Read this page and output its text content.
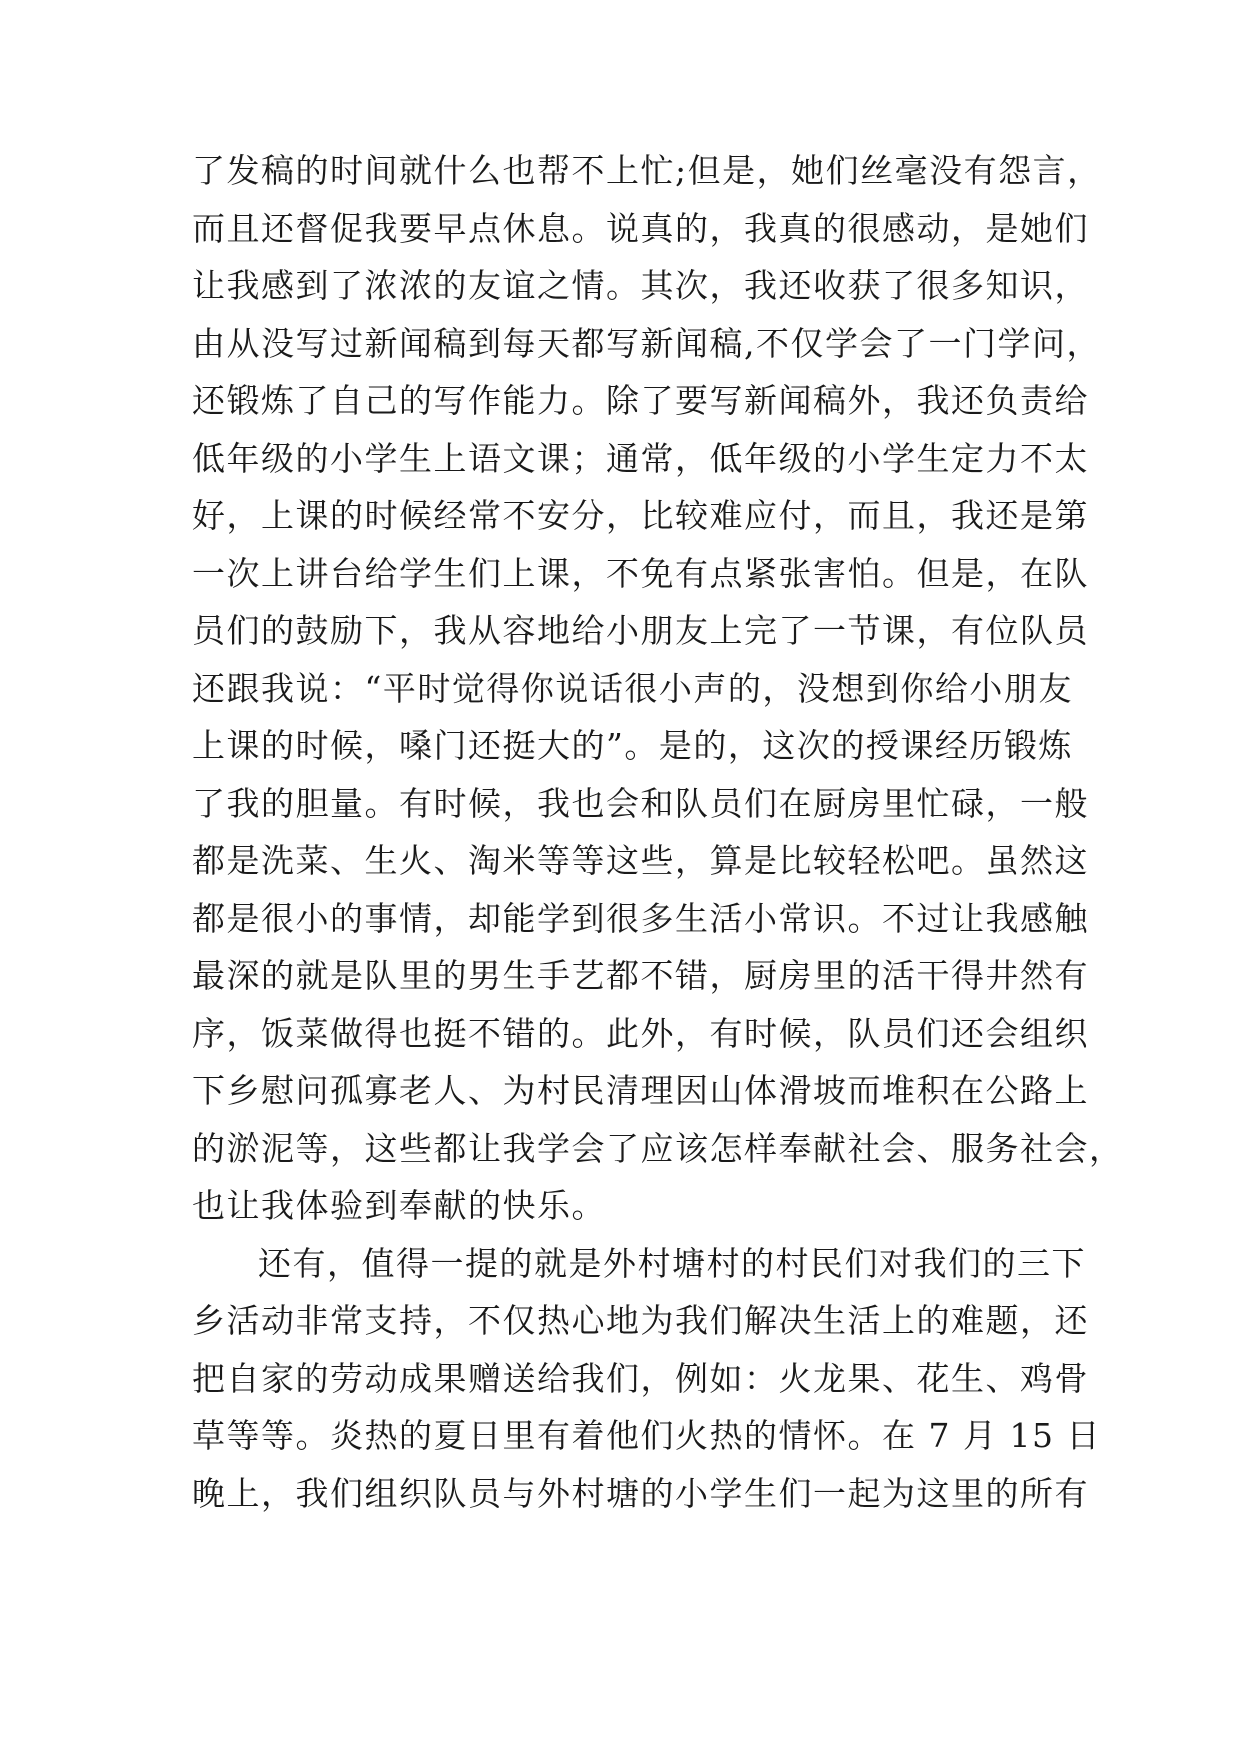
了发稿的时间就什么也帮不上忙;但是，她们丝毫没有怨言，
而且还督促我要早点休息。说真的，我真的很感动，是她们
让我感到了浓浓的友谊之情。其次，我还收获了很多知识，
由从没写过新闻稿到每天都写新闻稿,不仅学会了一门学问，
还锻炼了自己的写作能力。除了要写新闻稿外，我还负责给
低年级的小学生上语文课；通常，低年级的小学生定力不太
好，上课的时候经常不安分，比较难应付，而且，我还是第
一次上讲台给学生们上课，不免有点紧张害怕。但是，在队
员们的鼓励下，我从容地给小朋友上完了一节课，有位队员
还跟我说：“平时觉得你说话很小声的，没想到你给小朋友
上课的时候，嗓门还挺大的”。是的，这次的授课经历锻炼
了我的胆量。有时候，我也会和队员们在厨房里忙碌，一般
都是洗菜、生火、淘米等等这些，算是比较轻松吧。虽然这
都是很小的事情，却能学到很多生活小常识。不过让我感触
最深的就是队里的男生手艺都不错，厨房里的活干得井然有
序，饭菜做得也挺不错的。此外，有时候，队员们还会组织
下乡慰问孤寡老人、为村民清理因山体滑坡而堆积在公路上
的淤泥等，这些都让我学会了应该怎样奉献社会、服务社会，
也让我体验到奉献的快乐。
还有，值得一提的就是外村塘村的村民们对我们的三下
乡活动非常支持，不仅热心地为我们解决生活上的难题，还
把自家的劳动成果赠送给我们，例如：火龙果、花生、鸡骨
草等等。炎热的夏日里有着他们火热的情怀。在 7 月 15 日
晚上，我们组织队员与外村塘的小学生们一起为这里的所有
